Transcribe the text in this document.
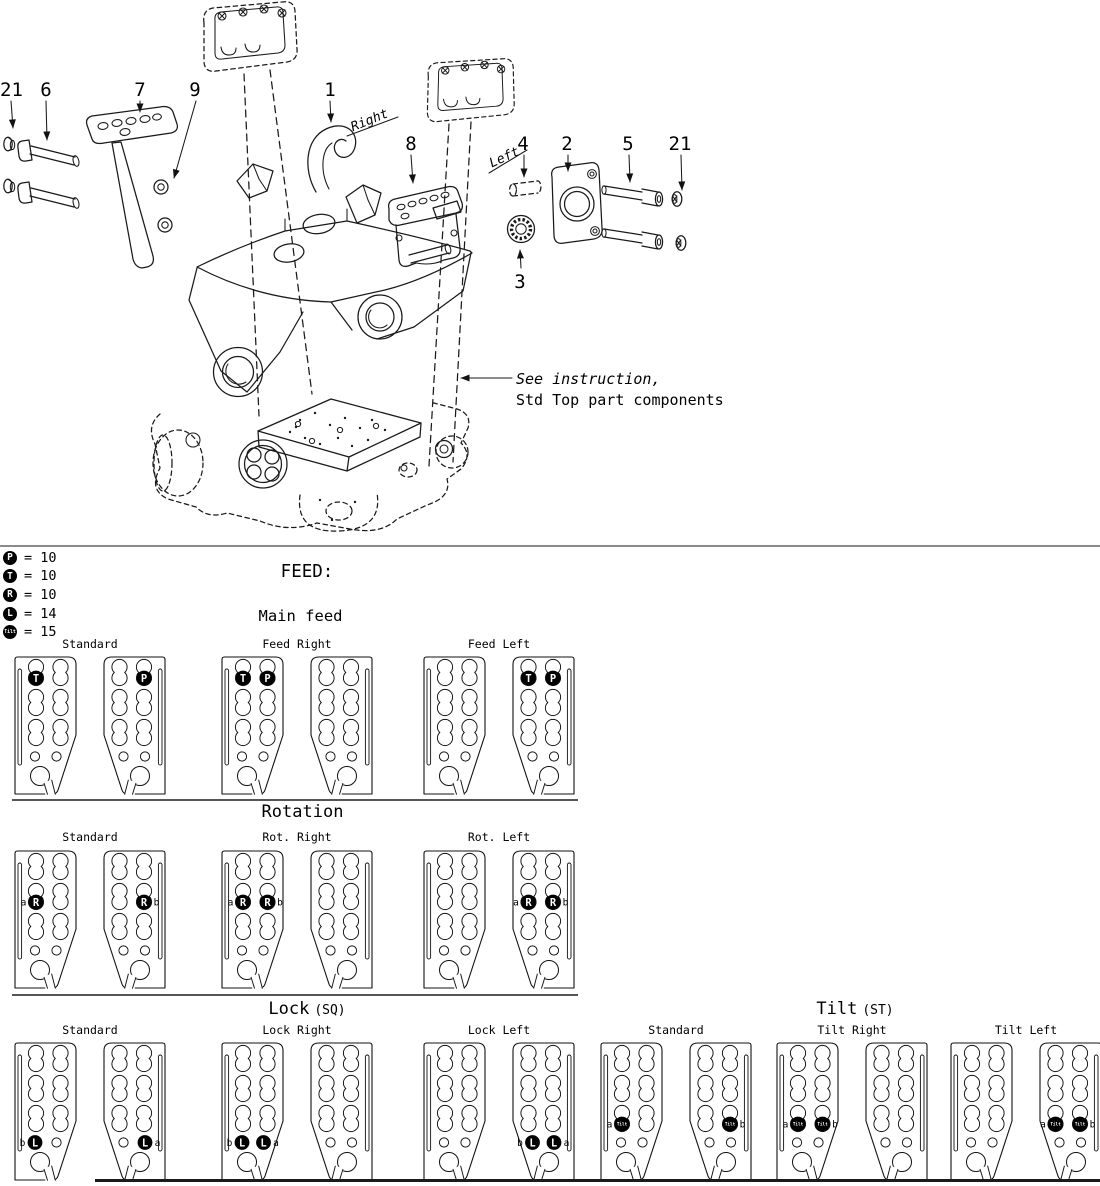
21 6	7 9	1
8	4 2	5 21
3
Right
Left
See instruction,
Std Top part components
P = 10
T = 10
R = 10
L = 14
Tilt = 15
FEED:
Main feed
Rotation
Lock (SQ)	Tilt (ST)
Standard
T	P
Feed Right
T P
Feed Left
T P
Standard
R
a	R b
Rot. Right
R
a	R b
Rot. Left
R
a	R b
Standard
L
b	L a
Lock Right
L
b	L a
Lock Left
L
b	L a
Standard
Tilt
a	Tilt b
Tilt Right
Tilt
a	Tilt b
Tilt Left
Tilt
a	Tilt b
